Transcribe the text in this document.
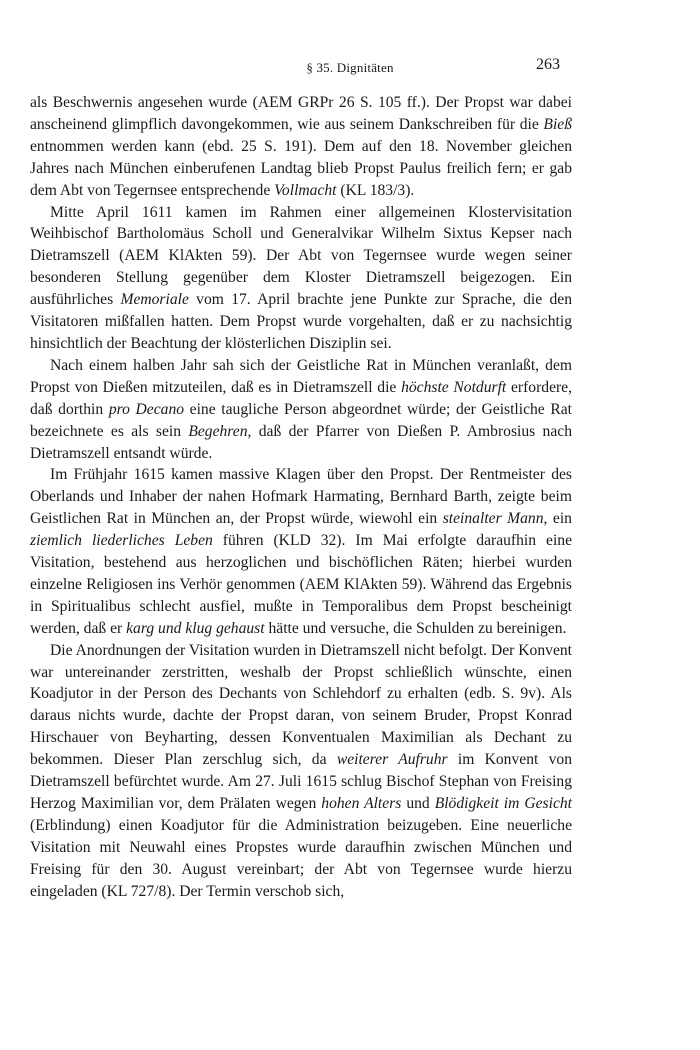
§ 35. Dignitäten	263

als Beschwernis angesehen wurde (AEM GRPr 26 S. 105 ff.). Der Propst war dabei anscheinend glimpflich davongekommen, wie aus seinem Dankschreiben für die Bieß entnommen werden kann (ebd. 25 S. 191). Dem auf den 18. November gleichen Jahres nach München einberufenen Landtag blieb Propst Paulus freilich fern; er gab dem Abt von Tegernsee entsprechende Vollmacht (KL 183/3).

Mitte April 1611 kamen im Rahmen einer allgemeinen Klostervisitation Weihbischof Bartholomäus Scholl und Generalvikar Wilhelm Sixtus Kepser nach Dietramszell (AEM KlAkten 59). Der Abt von Tegernsee wurde wegen seiner besonderen Stellung gegenüber dem Kloster Dietramszell beigezogen. Ein ausführliches Memoriale vom 17. April brachte jene Punkte zur Sprache, die den Visitatoren mißfallen hatten. Dem Propst wurde vorgehalten, daß er zu nachsichtig hinsichtlich der Beachtung der klösterlichen Disziplin sei.

Nach einem halben Jahr sah sich der Geistliche Rat in München veranlaßt, dem Propst von Dießen mitzuteilen, daß es in Dietramszell die höchste Notdurft erfordere, daß dorthin pro Decano eine taugliche Person abgeordnet würde; der Geistliche Rat bezeichnete es als sein Begehren, daß der Pfarrer von Dießen P. Ambrosius nach Dietramszell entsandt würde.

Im Frühjahr 1615 kamen massive Klagen über den Propst. Der Rentmeister des Oberlands und Inhaber der nahen Hofmark Harmating, Bernhard Barth, zeigte beim Geistlichen Rat in München an, der Propst würde, wiewohl ein steinalter Mann, ein ziemlich liederliches Leben führen (KLD 32). Im Mai erfolgte daraufhin eine Visitation, bestehend aus herzoglichen und bischöflichen Räten; hierbei wurden einzelne Religiosen ins Verhör genommen (AEM KlAkten 59). Während das Ergebnis in Spiritualibus schlecht ausfiel, mußte in Temporalibus dem Propst bescheinigt werden, daß er karg und klug gehaust hätte und versuche, die Schulden zu bereinigen.

Die Anordnungen der Visitation wurden in Dietramszell nicht befolgt. Der Konvent war untereinander zerstritten, weshalb der Propst schließlich wünschte, einen Koadjutor in der Person des Dechants von Schlehdorf zu erhalten (edb. S. 9v). Als daraus nichts wurde, dachte der Propst daran, von seinem Bruder, Propst Konrad Hirschauer von Beyharting, dessen Konventualen Maximilian als Dechant zu bekommen. Dieser Plan zerschlug sich, da weiterer Aufruhr im Konvent von Dietramszell befürchtet wurde. Am 27. Juli 1615 schlug Bischof Stephan von Freising Herzog Maximilian vor, dem Prälaten wegen hohen Alters und Blödigkeit im Gesicht (Erblindung) einen Koadjutor für die Administration beizugeben. Eine neuerliche Visitation mit Neuwahl eines Propstes wurde daraufhin zwischen München und Freising für den 30. August vereinbart; der Abt von Tegernsee wurde hierzu eingeladen (KL 727/8). Der Termin verschob sich,
